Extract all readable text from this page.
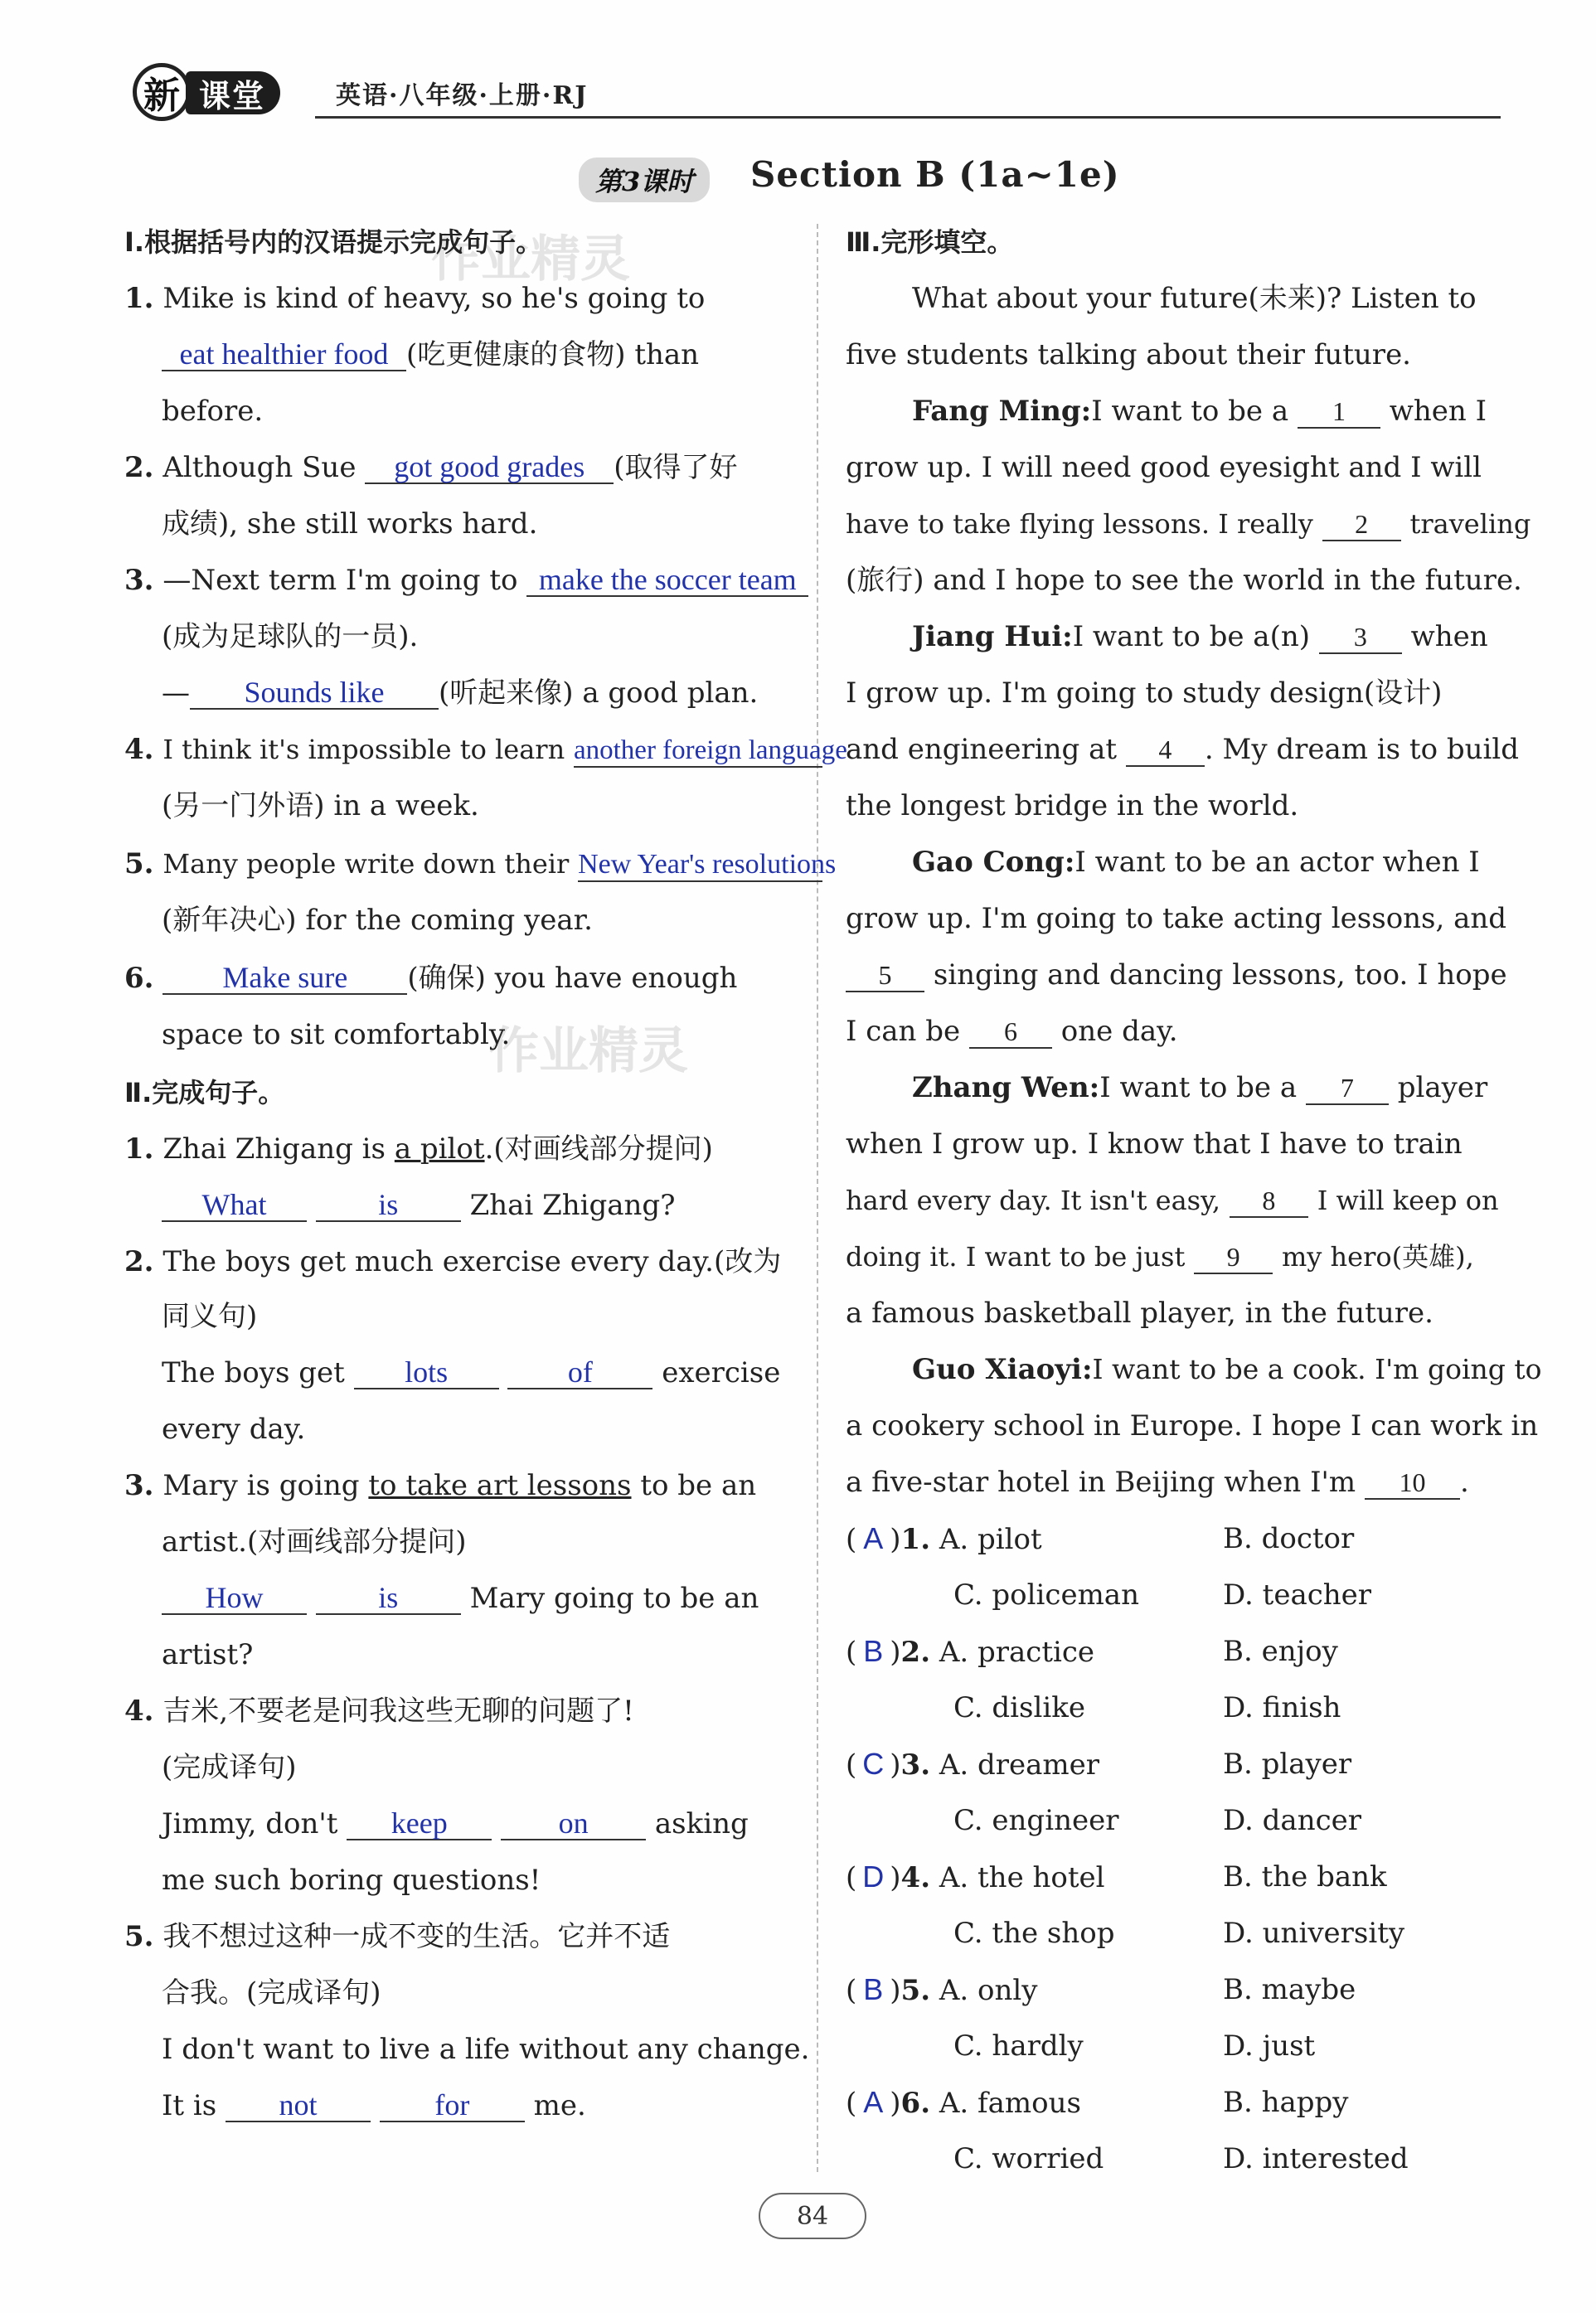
新 课堂	英语·八年级·上册·RJ
第3课时	Section B (1a~1e)
作业精灵
作业精灵
Ⅰ.根据括号内的汉语提示完成句子。
1. Mike is kind of heavy, so he's going to
eat healthier food (吃更健康的食物) than
before.
2. Although Sue got good grades (取得了好
成绩), she still works hard.
3. —Next term I'm going to make the soccer team
(成为足球队的一员).
— Sounds like (听起来像) a good plan.
4. I think it's impossible to learn another foreign language
(另一门外语) in a week.
5. Many people write down their New Year's resolutions
(新年决心) for the coming year.
6. Make sure (确保) you have enough
space to sit comfortably.
Ⅱ.完成句子。
1. Zhai Zhigang is a pilot.(对画线部分提问)
What	is	Zhai Zhigang?
2. The boys get much exercise every day.(改为
同义句)
The boys get lots	of exercise
every day.
3. Mary is going to take art lessons to be an
artist.(对画线部分提问)
How	is	Mary going to be an
artist?
4. 吉米,不要老是问我这些无聊的问题了!
(完成译句)
Jimmy, don't keep	on asking
me such boring questions!
5. 我不想过这种一成不变的生活。它并不适
合我。(完成译句)
I don't want to live a life without any change.
It is not	for me.
Ⅲ.完形填空。
What about your future(未来)? Listen to
five students talking about their future.
Fang Ming:I want to be a 1 when I
grow up. I will need good eyesight and I will
have to take flying lessons. I really 2 traveling
(旅行) and I hope to see the world in the future.
Jiang Hui:I want to be a(n) 3 when
I grow up. I'm going to study design(设计)
and engineering at 4 . My dream is to build
the longest bridge in the world.
Gao Cong:I want to be an actor when I
grow up. I'm going to take acting lessons, and
5 singing and dancing lessons, too. I hope
I can be 6 one day.
Zhang Wen:I want to be a 7 player
when I grow up. I know that I have to train
hard every day. It isn't easy, 8 I will keep on
doing it. I want to be just 9 my hero(英雄),
a famous basketball player, in the future.
Guo Xiaoyi:I want to be a cook. I'm going to
a cookery school in Europe. I hope I can work in
a five-star hotel in Beijing when I'm 10 .
( A )1. A. pilot	B. doctor
C. policeman	D. teacher
( B )2. A. practice	B. enjoy
C. dislike	D. finish
( C )3. A. dreamer	B. player
C. engineer	D. dancer
( D )4. A. the hotel	B. the bank
C. the shop	D. university
( B )5. A. only	B. maybe
C. hardly	D. just
( A )6. A. famous	B. happy
C. worried	D. interested
84
